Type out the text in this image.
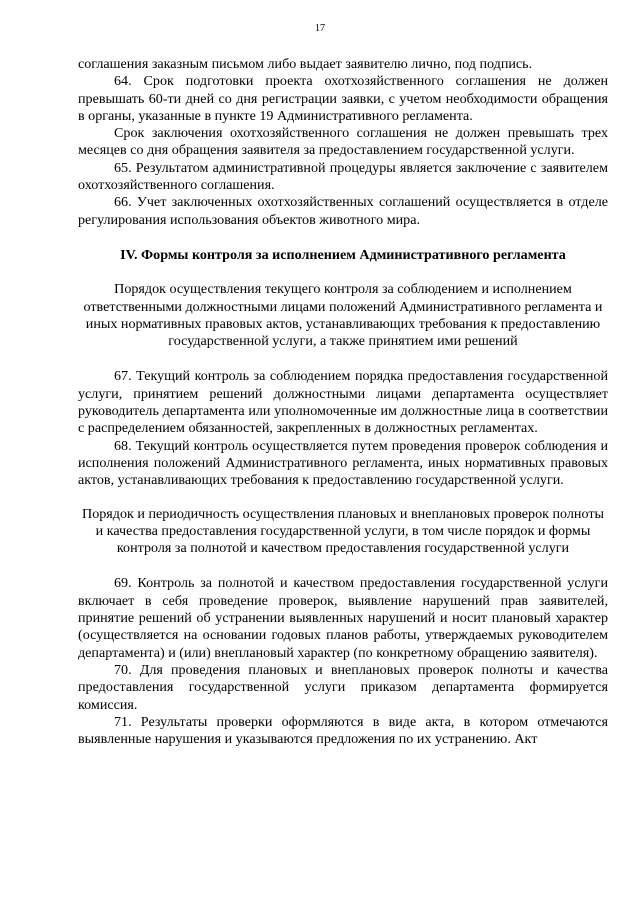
17

соглашения заказным письмом либо выдает заявителю лично, под подпись.

64. Срок подготовки проекта охотхозяйственного соглашения не должен превышать 60-ти дней со дня регистрации заявки, с учетом необходимости обращения в органы, указанные в пункте 19 Административного регламента.

Срок заключения охотхозяйственного соглашения не должен превышать трех месяцев со дня обращения заявителя за предоставлением государственной услуги.

65. Результатом административной процедуры является заключение с заявителем охотхозяйственного соглашения.

66. Учет заключенных охотхозяйственных соглашений осуществляется в отделе регулирования использования объектов животного мира.

IV. Формы контроля за исполнением Административного регламента

Порядок осуществления текущего контроля за соблюдением и исполнением ответственными должностными лицами положений Административного регламента и иных нормативных правовых актов, устанавливающих требования к предоставлению государственной услуги, а также принятием ими решений

67. Текущий контроль за соблюдением порядка предоставления государственной услуги, принятием решений должностными лицами департамента осуществляет руководитель департамента или уполномоченные им должностные лица в соответствии с распределением обязанностей, закрепленных в должностных регламентах.

68. Текущий контроль осуществляется путем проведения проверок соблюдения и исполнения положений Административного регламента, иных нормативных правовых актов, устанавливающих требования к предоставлению государственной услуги.

Порядок и периодичность осуществления плановых и внеплановых проверок полноты и качества предоставления государственной услуги, в том числе порядок и формы контроля за полнотой и качеством предоставления государственной услуги

69. Контроль за полнотой и качеством предоставления государственной услуги включает в себя проведение проверок, выявление нарушений прав заявителей, принятие решений об устранении выявленных нарушений и носит плановый характер (осуществляется на основании годовых планов работы, утверждаемых руководителем департамента) и (или) внеплановый характер (по конкретному обращению заявителя).

70. Для проведения плановых и внеплановых проверок полноты и качества предоставления государственной услуги приказом департамента формируется комиссия.

71. Результаты проверки оформляются в виде акта, в котором отмечаются выявленные нарушения и указываются предложения по их устранению. Акт
